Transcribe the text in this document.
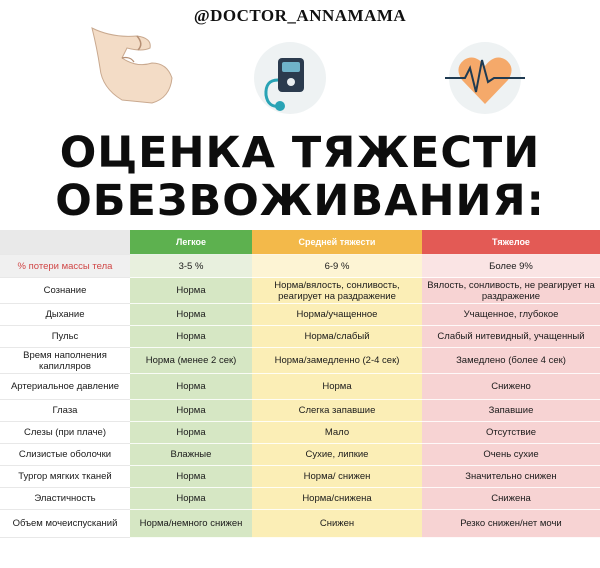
@DOCTOR_ANNAMAMA
ОЦЕНКА ТЯЖЕСТИ
ОБЕЗВОЖИВАНИЯ:
	Легкое	Средней тяжести	Тяжелое
% потери массы тела	3-5 %	6-9 %	Более 9%
Сознание	Норма	Норма/вялость, сонливость, реагирует на раздражение	Вялость, сонливость, не реагирует на раздражение
Дыхание	Норма	Норма/учащенное	Учащенное, глубокое
Пульс	Норма	Норма/слабый	Слабый нитевидный, учащенный
Время наполнения капилляров	Норма (менее 2 сек)	Норма/замедленно (2-4 сек)	Замедлено (более 4 сек)
Артериальное давление	Норма	Норма	Снижено
Глаза	Норма	Слегка запавшие	Запавшие
Слезы (при плаче)	Норма	Мало	Отсутствие
Слизистые оболочки	Влажные	Сухие, липкие	Очень сухие
Тургор мягких тканей	Норма	Норма/ снижен	Значительно снижен
Эластичность	Норма	Норма/снижена	Снижена
Объем мочеиспусканий	Норма/немного снижен	Снижен	Резко снижен/нет мочи
